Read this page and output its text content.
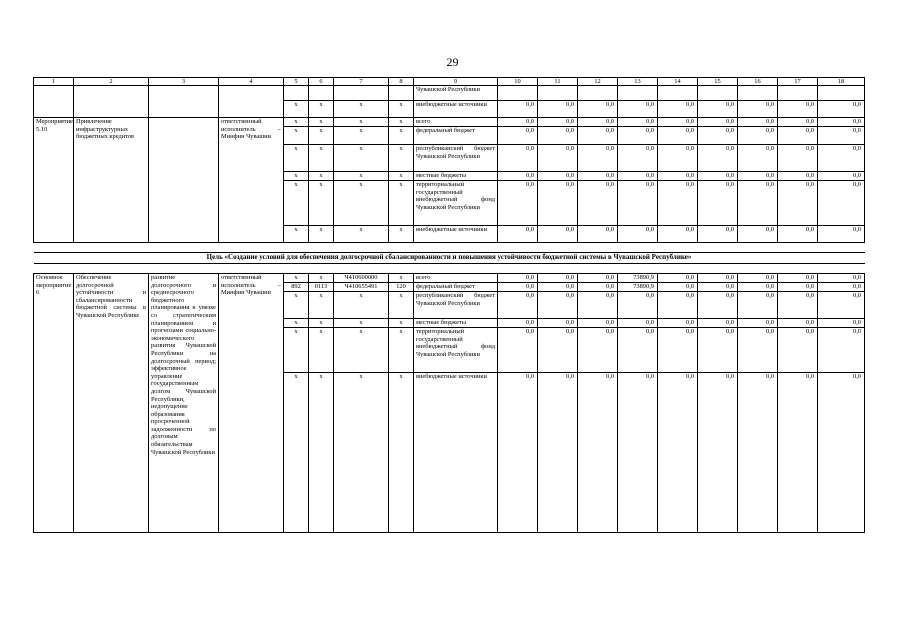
29
1	2	3	4	5	6	7	8	9	10	11	12	13	14	15	16	17	18
								Чувашской Республики									
				x	x	x	x	внебюджетные источники	0,0	0,0	0,0	0,0	0,0	0,0	0,0	0,0	0,0
Мероприятие 5.10	Привлечение инфраструктурных бюджетных кредитов		ответственный исполнитель – Минфин Чувашии	x	x	x	x	всего	0,0	0,0	0,0	0,0	0,0	0,0	0,0	0,0	0,0
				x	x	x	x	федеральный бюджет	0,0	0,0	0,0	0,0	0,0	0,0	0,0	0,0	0,0
				x	x	x	x	республиканский бюджет Чувашской Республики	0,0	0,0	0,0	0,0	0,0	0,0	0,0	0,0	0,0
				x	x	x	x	местные бюджеты	0,0	0,0	0,0	0,0	0,0	0,0	0,0	0,0	0,0
				x	x	x	x	территориальный государственный внебюджетный фонд Чувашской Республики	0,0	0,0	0,0	0,0	0,0	0,0	0,0	0,0	0,0
				x	x	x	x	внебюджетные источники	0,0	0,0	0,0	0,0	0,0	0,0	0,0	0,0	0,0

Цель «Создание условий для обеспечения долгосрочной сбалансированности и повышения устойчивости бюджетной системы в Чувашской Республике»																	

Основное мероприятие 6	Обеспечение долгосрочной устойчивости и сбалансированности бюджетной системы в Чувашской Республике	развитие долгосрочного и среднесрочного бюджетного планирования в увязке со стратегическим планированием и прогнозами социально-экономического развития Чувашской Республики на долгосрочный период; эффективное управление государственным долгом Чувашской Республики, недопущение образования просроченной задолженности по долговым обязательствам Чувашской Республики	ответственный исполнитель – Минфин Чувашии	x	x	Ч410600000	x	всего	0,0	0,0	0,0	73890,9	0,0	0,0	0,0	0,0	0,0
				892	0113	Ч410655491	120	федеральный бюджет	0,0	0,0	0,0	73890,9	0,0	0,0	0,0	0,0	0,0
				x	x	x	x	республиканский бюджет Чувашской Республики	0,0	0,0	0,0	0,0	0,0	0,0	0,0	0,0	0,0
				x	x	x	x	местные бюджеты	0,0	0,0	0,0	0,0	0,0	0,0	0,0	0,0	0,0
				x	x	x	x	территориальный государственный внебюджетный фонд Чувашской Республики	0,0	0,0	0,0	0,0	0,0	0,0	0,0	0,0	0,0
				x	x	x	x	внебюджетные источники	0,0	0,0	0,0	0,0	0,0	0,0	0,0	0,0	0,0
